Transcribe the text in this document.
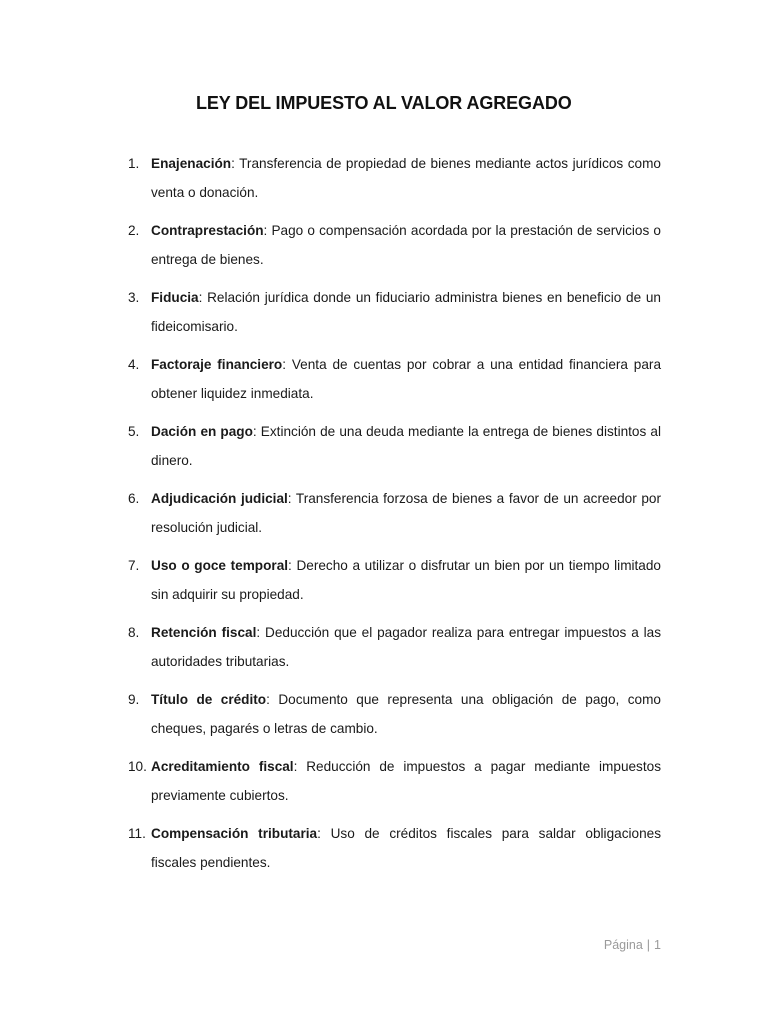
LEY DEL IMPUESTO AL VALOR AGREGADO
1. Enajenación: Transferencia de propiedad de bienes mediante actos jurídicos como venta o donación.
2. Contraprestación: Pago o compensación acordada por la prestación de servicios o entrega de bienes.
3. Fiducia: Relación jurídica donde un fiduciario administra bienes en beneficio de un fideicomisario.
4. Factoraje financiero: Venta de cuentas por cobrar a una entidad financiera para obtener liquidez inmediata.
5. Dación en pago: Extinción de una deuda mediante la entrega de bienes distintos al dinero.
6. Adjudicación judicial: Transferencia forzosa de bienes a favor de un acreedor por resolución judicial.
7. Uso o goce temporal: Derecho a utilizar o disfrutar un bien por un tiempo limitado sin adquirir su propiedad.
8. Retención fiscal: Deducción que el pagador realiza para entregar impuestos a las autoridades tributarias.
9. Título de crédito: Documento que representa una obligación de pago, como cheques, pagarés o letras de cambio.
10. Acreditamiento fiscal: Reducción de impuestos a pagar mediante impuestos previamente cubiertos.
11. Compensación tributaria: Uso de créditos fiscales para saldar obligaciones fiscales pendientes.
Página | 1
